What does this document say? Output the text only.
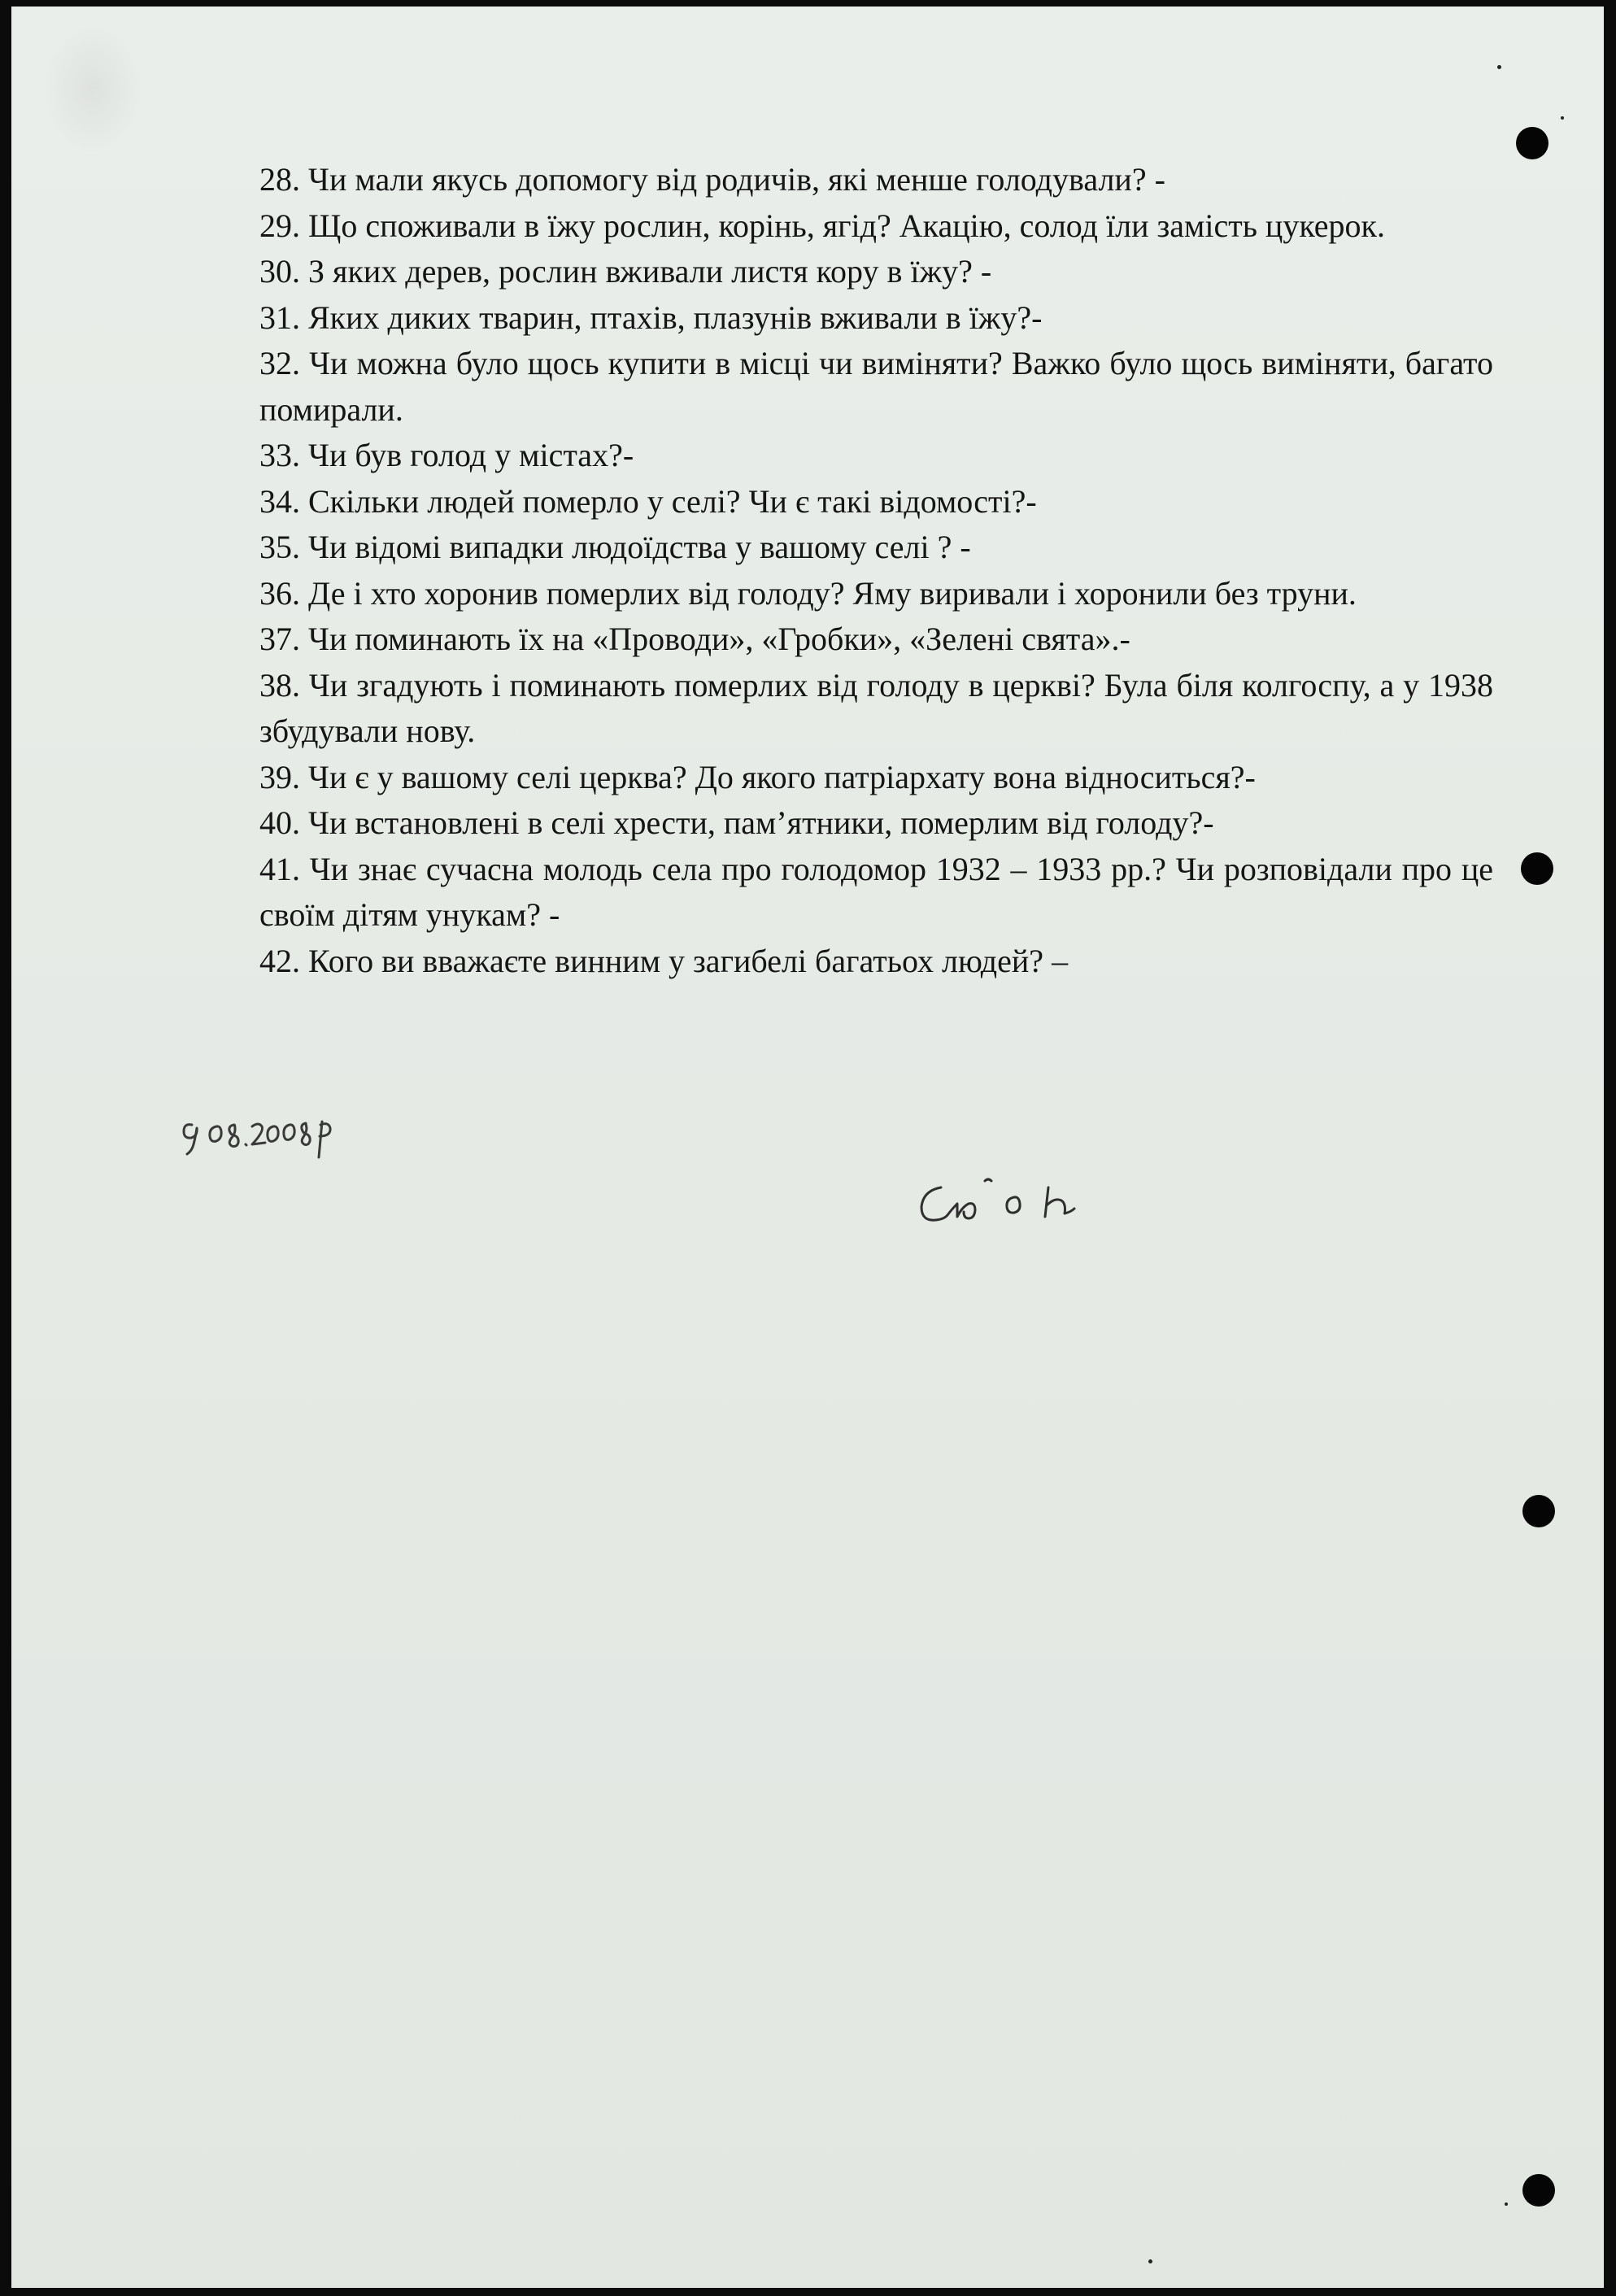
28. Чи мали якусь допомогу від родичів, які менше голодували? -

29. Що споживали в їжу рослин, корінь, ягід? Акацію, солод їли замість цукерок.

30. З яких дерев, рослин вживали листя кору в їжу? -

31. Яких диких тварин, птахів, плазунів вживали в їжу?-

32. Чи можна було щось купити в місці чи виміняти? Важко було щось виміняти, багато помирали.

33. Чи був голод у містах?-

34. Скільки людей померло у селі? Чи є такі відомості?-

35. Чи відомі випадки людоїдства у вашому селі ? -

36. Де і хто хоронив померлих від голоду? Яму виривали і хоронили без труни.

37. Чи поминають їх на «Проводи», «Гробки», «Зелені свята».-

38. Чи згадують і поминають померлих від голоду в церкві? Була біля колгоспу, а у 1938 збудували нову.

39. Чи є у вашому селі церква? До якого патріархату вона відноситься?-

40. Чи встановлені в селі хрести, пам’ятники, померлим від голоду?-

41. Чи знає сучасна молодь села про голодомор 1932 – 1933 рр.? Чи розповідали про це своїм дітям унукам? -

42. Кого ви вважаєте винним у загибелі багатьох людей? –
